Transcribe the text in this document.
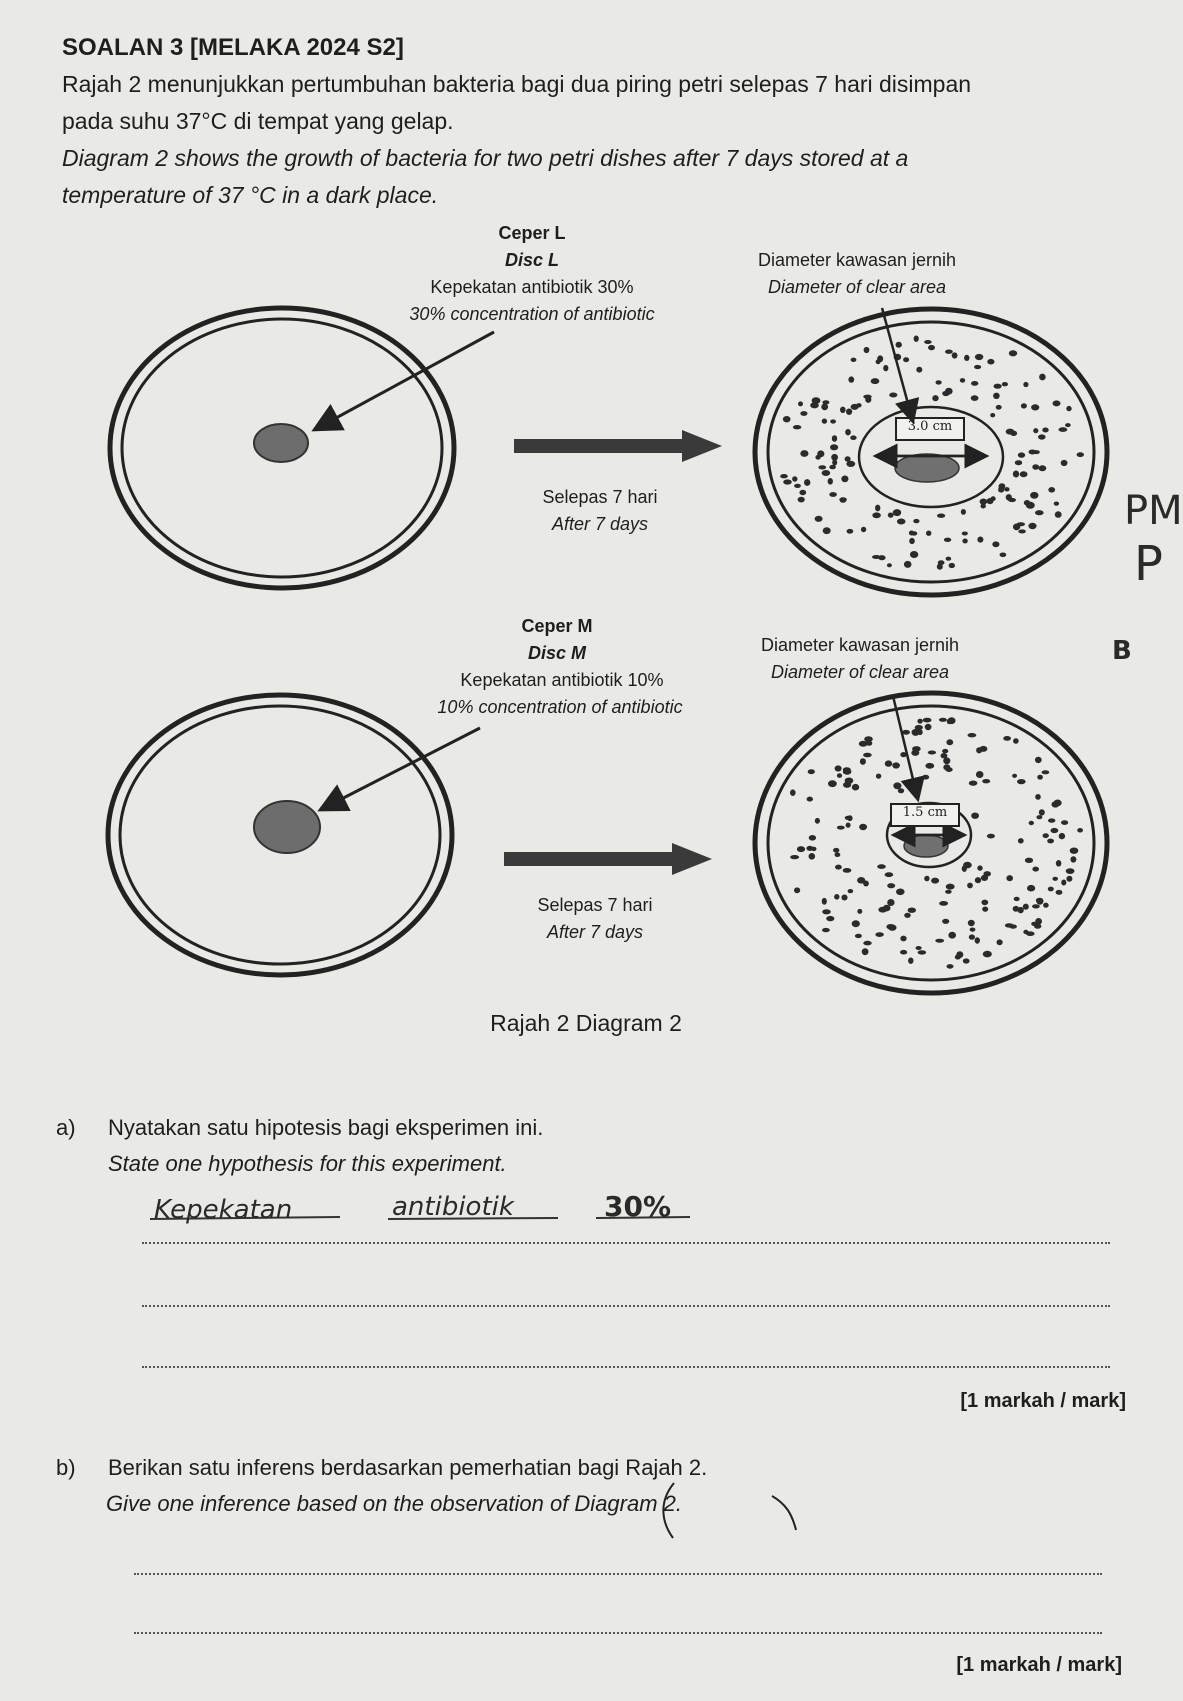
SOALAN 3 [MELAKA 2024 S2]
Rajah 2 menunjukkan pertumbuhan bakteria bagi dua piring petri selepas 7 hari disimpan
pada suhu 37°C di tempat yang gelap.
Diagram 2 shows the growth of bacteria for two petri dishes after 7 days stored at a
temperature of 37 °C in a dark place.
Ceper L
Disc L
Kepekatan antibiotik 30%
30% concentration of antibiotic
Diameter kawasan jernih
Diameter of clear area
Selepas 7 hari
After 7 days
3.0 cm
Ceper M
Disc M
Kepekatan antibiotik 10%
10% concentration of antibiotic
Diameter kawasan jernih
Diameter of clear area
Selepas 7 hari
After 7 days
1.5 cm
Rajah 2 Diagram 2
a) Nyatakan satu hipotesis bagi eksperimen ini.
State one hypothesis for this experiment.
Kepekatan	antibiotik	30%
[1 markah / mark]
b) Berikan satu inferens berdasarkan pemerhatian bagi Rajah 2.
Give one inference based on the observation of Diagram 2.
[1 markah / mark]
PM
P
B
